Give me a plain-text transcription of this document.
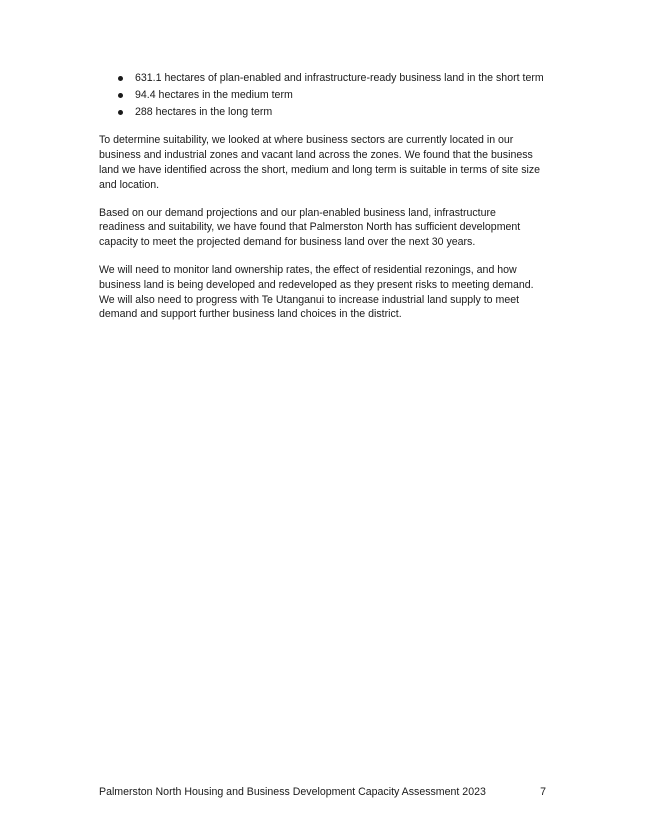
631.1 hectares of plan-enabled and infrastructure-ready business land in the short term
94.4 hectares in the medium term
288 hectares in the long term

To determine suitability, we looked at where business sectors are currently located in our business and industrial zones and vacant land across the zones. We found that the business land we have identified across the short, medium and long term is suitable in terms of site size and location.

Based on our demand projections and our plan-enabled business land, infrastructure readiness and suitability, we have found that Palmerston North has sufficient development capacity to meet the projected demand for business land over the next 30 years.

We will need to monitor land ownership rates, the effect of residential rezonings, and how business land is being developed and redeveloped as they present risks to meeting demand. We will also need to progress with Te Utanganui to increase industrial land supply to meet demand and support further business land choices in the district.

Palmerston North Housing and Business Development Capacity Assessment 2023	7
